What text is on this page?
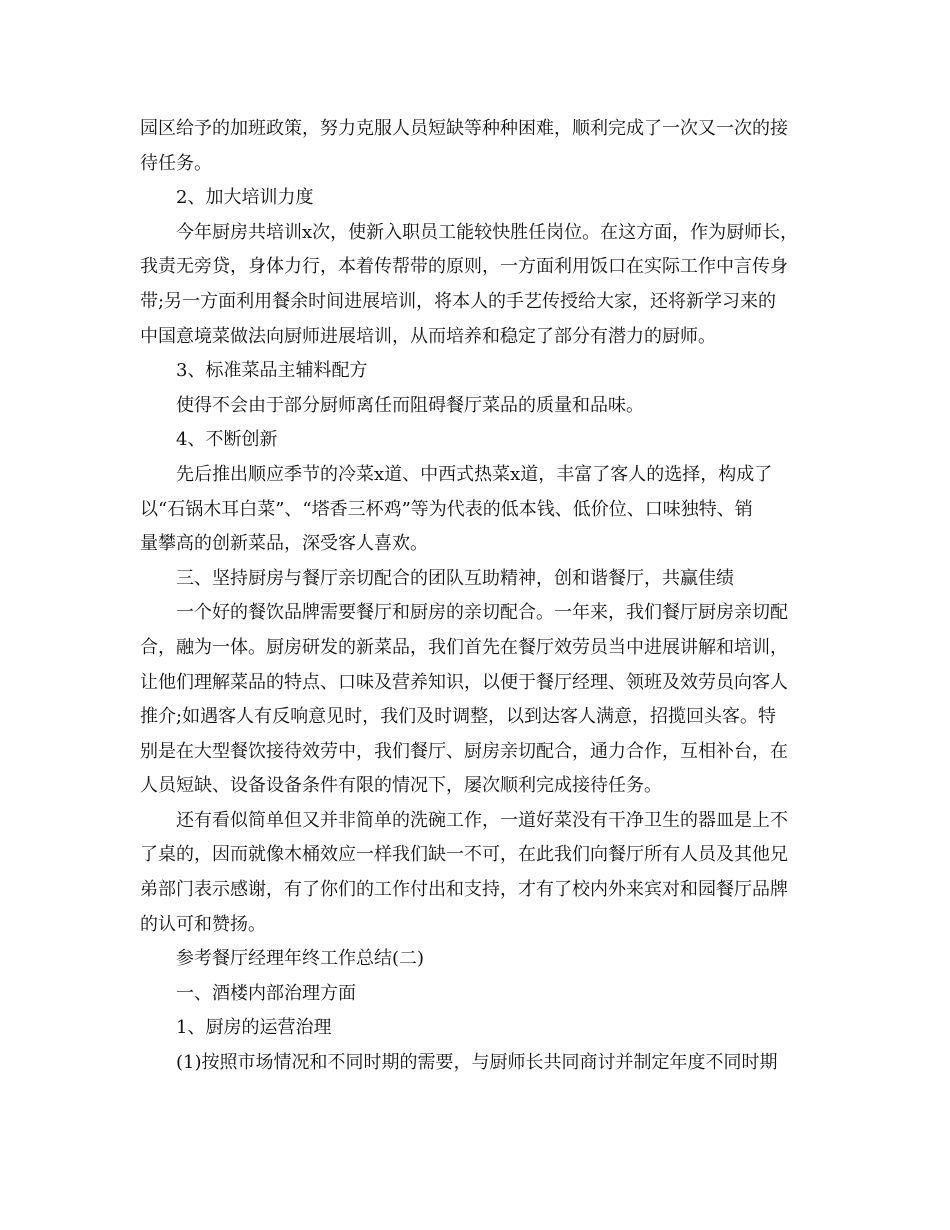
园区给予的加班政策，努力克服人员短缺等种种困难，顺利完成了一次又一次的接
待任务。
2、加大培训力度
今年厨房共培训x次，使新入职员工能较快胜任岗位。在这方面，作为厨师长，
我责无旁贷，身体力行，本着传帮带的原则，一方面利用饭口在实际工作中言传身
带;另一方面利用餐余时间进展培训，将本人的手艺传授给大家，还将新学习来的
中国意境菜做法向厨师进展培训，从而培养和稳定了部分有潜力的厨师。
3、标准菜品主辅料配方
使得不会由于部分厨师离任而阻碍餐厅菜品的质量和品味。
4、不断创新
先后推出顺应季节的冷菜x道、中西式热菜x道，丰富了客人的选择，构成了
以“石锅木耳白菜”、“塔香三杯鸡”等为代表的低本钱、低价位、口味独特、销
量攀高的创新菜品，深受客人喜欢。
三、坚持厨房与餐厅亲切配合的团队互助精神，创和谐餐厅，共赢佳绩
一个好的餐饮品牌需要餐厅和厨房的亲切配合。一年来，我们餐厅厨房亲切配
合，融为一体。厨房研发的新菜品，我们首先在餐厅效劳员当中进展讲解和培训，
让他们理解菜品的特点、口味及营养知识，以便于餐厅经理、领班及效劳员向客人
推介;如遇客人有反响意见时，我们及时调整，以到达客人满意，招揽回头客。特
别是在大型餐饮接待效劳中，我们餐厅、厨房亲切配合，通力合作，互相补台，在
人员短缺、设备设备条件有限的情况下，屡次顺利完成接待任务。
还有看似简单但又并非简单的洗碗工作，一道好菜没有干净卫生的器皿是上不
了桌的，因而就像木桶效应一样我们缺一不可，在此我们向餐厅所有人员及其他兄
弟部门表示感谢，有了你们的工作付出和支持，才有了校内外来宾对和园餐厅品牌
的认可和赞扬。
参考餐厅经理年终工作总结(二)
一、酒楼内部治理方面
1、厨房的运营治理
(1)按照市场情况和不同时期的需要，与厨师长共同商讨并制定年度不同时期
